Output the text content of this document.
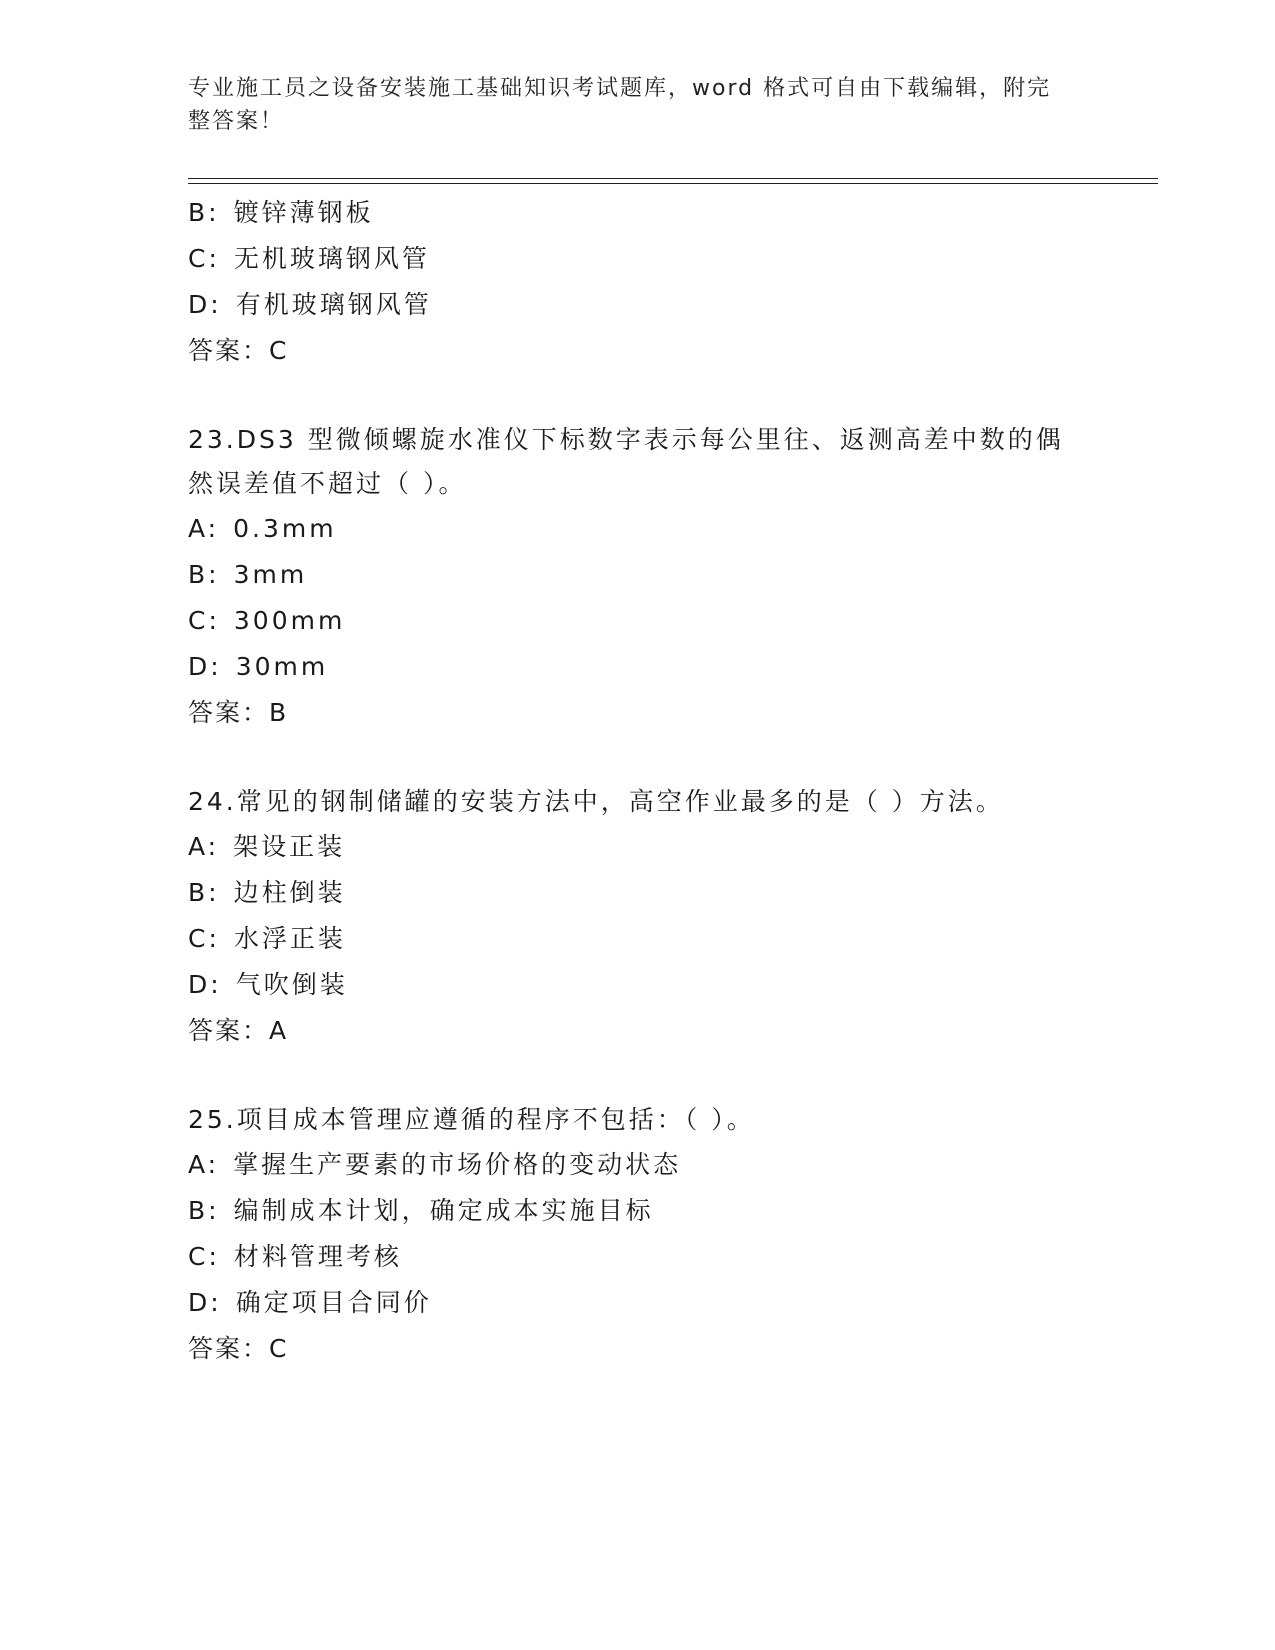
专业施工员之设备安装施工基础知识考试题库，word 格式可自由下载编辑，附完整答案！
B: 镀锌薄钢板
C: 无机玻璃钢风管
D: 有机玻璃钢风管
答案：C
23.DS3 型微倾螺旋水准仪下标数字表示每公里往、返测高差中数的偶然误差值不超过（ ）。
A: 0.3mm
B: 3mm
C: 300mm
D: 30mm
答案：B
24.常见的钢制储罐的安装方法中，高空作业最多的是（ ）方法。
A: 架设正装
B: 边柱倒装
C: 水浮正装
D: 气吹倒装
答案：A
25.项目成本管理应遵循的程序不包括：（ ）。
A: 掌握生产要素的市场价格的变动状态
B: 编制成本计划，确定成本实施目标
C: 材料管理考核
D: 确定项目合同价
答案：C
